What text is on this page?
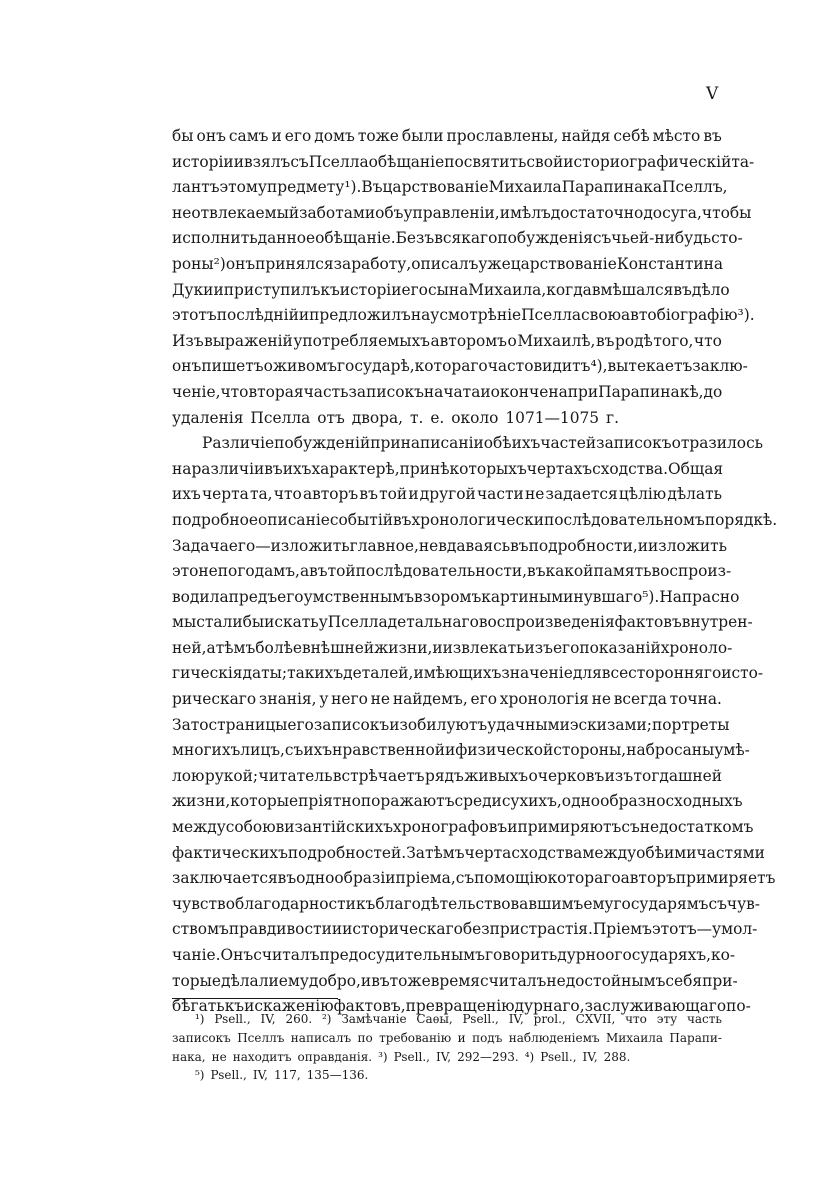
V
бы онъ самъ и его домъ тоже были прославлены, найдя себѣ мѣсто въ
исторiи и взялъ съ Пселла обѣщанiе посвятить свой историографическiй та-
лантъ этому предмету ¹). Въ царствованiе Михаила Парапинака Пселлъ,
не отвлекаемый заботами объ управленiи, имѣлъ достаточно досуга, чтобы
исполнить данное обѣщанiе. Безъ всякаго побужденiя съ чьей-нибудь сто-
роны ²) онъ принялся за работу, описалъ уже царствованiе Константина
Дуки и приступилъ къ исторiи его сына Михаила, когда вмѣшался въ дѣло
этотъ послѣднiй и предложилъ на усмотрѣнiе Пселла свою автобiографiю ³).
Изъ выраженiй употребляемыхъ авторомъ о Михаилѣ, въ родѣ того, что
онъ пишетъ о живомъ государѣ, котораго часто видитъ ⁴), вытекаетъ заклю-
ченiе, что вторая часть записокъ начата и окончена при Парапинакѣ, до
удаленiя Пселла отъ двора, т. е. около 1071—1075 г.
Различiе побужденiй при написанiи обѣихъ частей записокъ отразилось
на различiи въ ихъ характерѣ, при нѣкоторыхъ чертахъ сходства. Общая
ихъ черта та, что авторъ въ той и другой части не задается цѣлiю дѣлать
подробное описанiе событiй въ хронологически послѣдовательномъ порядкѣ.
Задача его — изложить главное, не вдаваясь въ подробности, и изложить
это не по годамъ, а въ той послѣдовательности, въ какой память воспроиз-
водила предъ его умственнымъ взоромъ картины минувшаго ⁵). Напрасно
мы стали бы искать у Пселла детальнаго воспроизведенiя фактовъ внутрен-
ней, а тѣмъ болѣе внѣшней жизни, и извлекать изъ его показанiй хроноло-
гическiя даты; такихъ деталей, имѣющихъ значенiе для всесторонняго исто-
рическаго знанiя, у него не найдемъ, его хронологiя не всегда точна.
За то страницы его записокъ изобилуютъ удачными эскизами; портреты
многихъ лицъ, съ ихъ нравственной и физической стороны, набросаны умѣ-
лою рукой; читатель встрѣчаетъ рядъ живыхъ очерковъ изъ тогдашней
жизни, которые прiятно поражаютъ среди сухихъ, однообразно сходныхъ
между собою византiйскихъ хронографовъ и примиряютъ съ недостаткомъ
фактическихъ подробностей. Затѣмъ черта сходства между обѣими частями
заключается въ однообразiи прiема, съ помощiю котораго авторъ примиряетъ
чувство благодарности къ благодѣтельствовавшимъ ему государямъ съ чув-
ствомъ правдивости и историческаго безпристрастiя. Прiемъ этотъ—умол-
чанiе. Онъ считалъ предосудительнымъ говорить дурно о государяхъ, ко-
торые дѣлали ему добро, и въ тоже время считалъ недостойнымъ себя при-
бѣгать къ искаженiю фактовъ, превращенiю дурнаго, заслуживающаго по-
¹) Psell., IV, 260. ²) Замѣчанiе Саѳы, Psell., IV, prol., CXVII, что эту часть
записокъ Пселлъ написалъ по требованiю и подъ наблюденiемъ Михаила Парапи-
нака, не находитъ оправданiя. ³) Psell., IV, 292—293. ⁴) Psell., IV, 288.
⁵) Psell., IV, 117, 135—136.
